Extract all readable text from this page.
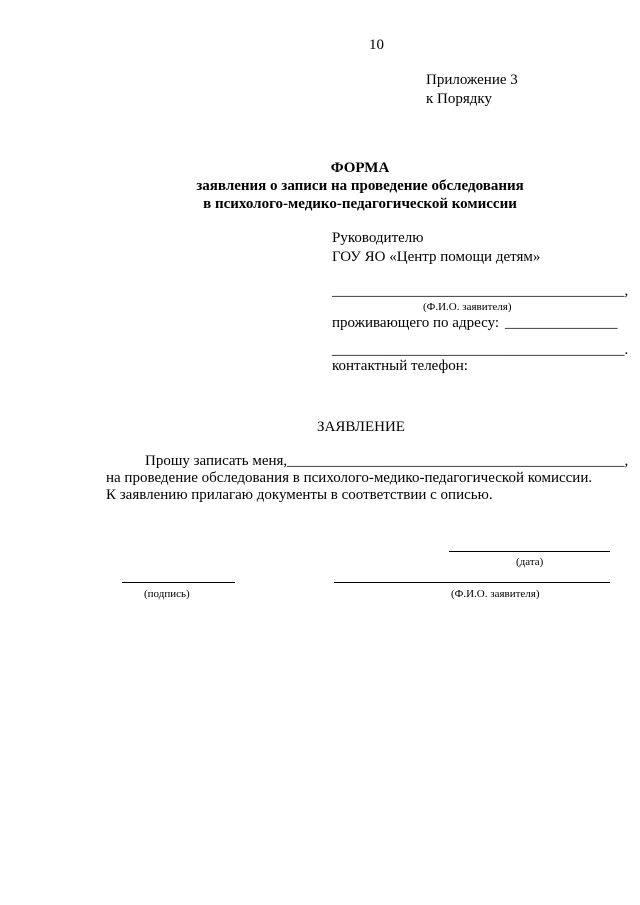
10
Приложение 3
к Порядку
ФОРМА
заявления о записи на проведение обследования
в психолого-медико-педагогической комиссии
Руководителю
ГОУ ЯО «Центр помощи детям»
_______________________________________,
(Ф.И.О. заявителя)
проживающего по адресу: _______________
_______________________________________.
контактный телефон:
ЗАЯВЛЕНИЕ
Прошу записать меня, _____________________________________________,
на проведение обследования в психолого-медико-педагогической комиссии.
К заявлению прилагаю документы в соответствии с описью.
(дата)
(подпись)	(Ф.И.О. заявителя)
